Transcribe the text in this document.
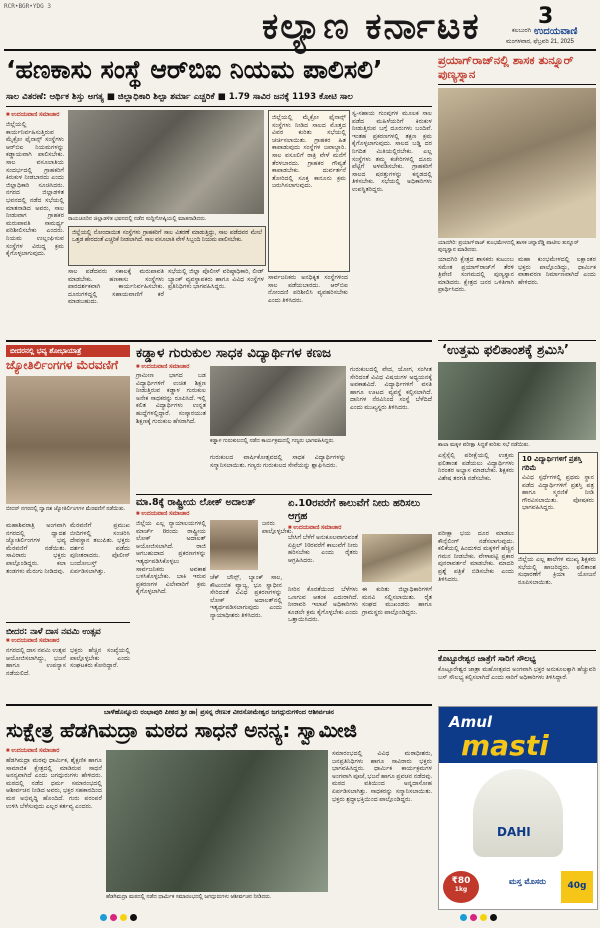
RCR•BGR•YDG 3	ಕಲ್ಯಾಣ ಕರ್ನಾಟಕ	3
ಕಲಬುರಗಿ ಉದಯವಾಣಿ
ಮಂಗಳವಾರ, ಫೆಬ್ರವರಿ 21, 2025
‘ಹಣಕಾಸು ಸಂಸ್ಥೆ ಆರ್‌ಬಿಐ ನಿಯಮ ಪಾಲಿಸಲಿ’
ಸಾಲ ವಿತರಣೆ: ಆರ್ಥಿಕ ಶಿಸ್ತು ಅಗತ್ಯ ■ ಜಿಲ್ಲಾಧಿಕಾರಿ ಶಿಲ್ಪಾ ಶರ್ಮಾ ಎಚ್ಚರಿಕೆ ■ 1.79 ಸಾವಿರ ಜನಕ್ಕೆ 1193 ಕೋಟಿ ಸಾಲ
■ ಉದಯವಾಣಿ ಸಮಾಚಾರ
ಜಿಲ್ಲೆಯಲ್ಲಿ ಕಾರ್ಯನಿರ್ವಹಿಸುತ್ತಿರುವ ಮೈಕ್ರೋ ಫೈನಾನ್ಸ್ ಸಂಸ್ಥೆಗಳು ಆರ್‌ಬಿಐ ನಿಯಮಗಳನ್ನು ಕಡ್ಡಾಯವಾಗಿ ಪಾಲಿಸಬೇಕು. ಸಾಲ ವಸೂಲಾತಿಯ ಸಂದರ್ಭದಲ್ಲಿ ಗ್ರಾಹಕರಿಗೆ ಕಿರುಕುಳ ನೀಡಬಾರದು ಎಂದು ಜಿಲ್ಲಾಧಿಕಾರಿ ಸೂಚಿಸಿದರು. ನಗರದ ಜಿಲ್ಲಾಡಳಿತ ಭವನದಲ್ಲಿ ನಡೆದ ಸಭೆಯಲ್ಲಿ ಮಾತನಾಡಿದ ಅವರು, ಸಾಲ ನೀಡುವಾಗ ಗ್ರಾಹಕರ ಮರುಪಾವತಿ ಸಾಮರ್ಥ್ಯ ಪರಿಶೀಲಿಸಬೇಕು ಎಂದರು. ನಿಯಮ ಉಲ್ಲಂಘಿಸುವ ಸಂಸ್ಥೆಗಳ ವಿರುದ್ಧ ಕ್ರಮ ಕೈಗೊಳ್ಳಲಾಗುವುದು.
ರಾಯಚೂರಿನ ಜಿಲ್ಲಾಡಳಿತ ಭವನದಲ್ಲಿ ನಡೆದ ಸುದ್ದಿಗೋಷ್ಠಿಯಲ್ಲಿ ಮಾತನಾಡಿದರು.
ಜಿಲ್ಲೆಯಲ್ಲಿ ನೋಂದಾಯಿತ ಸಂಸ್ಥೆಗಳು ಗ್ರಾಹಕರಿಗೆ ಸಾಲ ವಿತರಣೆ ಮಾಡುತ್ತಿದ್ದು, ಸಾಲ ಪಡೆದವರ ಮೇಲೆ ಒತ್ತಡ ಹೇರದಂತೆ ಎಚ್ಚರಿಕೆ ನೀಡಲಾಗಿದೆ. ಸಾಲ ವಸೂಲಾತಿ ವೇಳೆ ಸಿಬ್ಬಂದಿ ನಿಯಮ ಪಾಲಿಸಬೇಕು.
ಸಾಲ ಪಡೆದವರು ಸಕಾಲಕ್ಕೆ ಮರುಪಾವತಿ ಮಾಡಬೇಕು. ಹಣಕಾಸು ಸಂಸ್ಥೆಗಳು ಪಾರದರ್ಶಕವಾಗಿ ಕಾರ್ಯನಿರ್ವಹಿಸಬೇಕು. ದೂರುಗಳಿದ್ದಲ್ಲಿ ಸಹಾಯವಾಣಿಗೆ ಕರೆ ಮಾಡಬಹುದು.
ಸಭೆಯಲ್ಲಿ ಜಿಲ್ಲಾ ಪೊಲೀಸ್ ವರಿಷ್ಠಾಧಿಕಾರಿ, ಲೀಡ್ ಬ್ಯಾಂಕ್ ವ್ಯವಸ್ಥಾಪಕರು ಹಾಗೂ ವಿವಿಧ ಸಂಸ್ಥೆಗಳ ಪ್ರತಿನಿಧಿಗಳು ಭಾಗವಹಿಸಿದ್ದರು.
ಜಿಲ್ಲೆಯಲ್ಲಿ ಮೈಕ್ರೋ ಫೈನಾನ್ಸ್ ಸಂಸ್ಥೆಗಳು ನೀಡಿದ ಸಾಲದ ಮೊತ್ತದ ವಿವರ ಕುರಿತು ಸಭೆಯಲ್ಲಿ ಚರ್ಚಿಸಲಾಯಿತು. ಗ್ರಾಹಕರ ಹಿತ ಕಾಪಾಡುವುದು ಸಂಸ್ಥೆಗಳ ಜವಾಬ್ದಾರಿ. ಸಾಲ ವಸೂಲಿಗೆ ರಾತ್ರಿ ವೇಳೆ ಮನೆಗೆ ತೆರಳಬಾರದು. ಗ್ರಾಹಕರ ಗೌಪ್ಯತೆ ಕಾಪಾಡಬೇಕು. ದುರ್ವರ್ತನೆ ತೋರಿದಲ್ಲಿ ಸೂಕ್ತ ಕಾನೂನು ಕ್ರಮ ಜರುಗಿಸಲಾಗುವುದು.
ಸಾರ್ವಜನಿಕರು ಅನಧಿಕೃತ ಸಂಸ್ಥೆಗಳಿಂದ ಸಾಲ ಪಡೆಯಬಾರದು. ಆರ್‌ಬಿಐ ನೋಂದಣಿ ಪರಿಶೀಲಿಸಿ ವ್ಯವಹರಿಸಬೇಕು ಎಂದು ತಿಳಿಸಿದರು.
ಸ್ವ-ಸಹಾಯ ಗುಂಪುಗಳ ಮೂಲಕ ಸಾಲ ಪಡೆದ ಮಹಿಳೆಯರಿಗೆ ಕಿರುಕುಳ ನೀಡುತ್ತಿರುವ ಬಗ್ಗೆ ದೂರುಗಳು ಬಂದಿವೆ. ಇಂತಹ ಪ್ರಕರಣಗಳಲ್ಲಿ ತಕ್ಷಣ ಕ್ರಮ ಕೈಗೊಳ್ಳಲಾಗುವುದು. ಸಾಲದ ಬಡ್ಡಿ ದರ ನಿಗದಿತ ಮಿತಿಯಲ್ಲಿರಬೇಕು. ಎಲ್ಲ ಸಂಸ್ಥೆಗಳು ತಮ್ಮ ಕಚೇರಿಗಳಲ್ಲಿ ದೂರು ಪೆಟ್ಟಿಗೆ ಅಳವಡಿಸಬೇಕು. ಗ್ರಾಹಕರಿಗೆ ಸಾಲದ ಷರತ್ತುಗಳನ್ನು ಕನ್ನಡದಲ್ಲಿ ತಿಳಿಸಬೇಕು. ಸಭೆಯಲ್ಲಿ ಅಧಿಕಾರಿಗಳು ಉಪಸ್ಥಿತರಿದ್ದರು.
ಪ್ರಯಾಗ್‌ರಾಜ್‌ನಲ್ಲಿ ಶಾಸಕ ತುನ್ನೂರ್ ಪುಣ್ಯಸ್ನಾನ
ಯಾದಗಿರಿ: ಪ್ರಯಾಗ್‌ರಾಜ್ ಕುಂಭಮೇಳದಲ್ಲಿ ಶಾಸಕ ಚನ್ನಾರೆಡ್ಡಿ ಪಾಟೀಲ ತುನ್ನೂರ್ ಪುಣ್ಯಸ್ನಾನ ಮಾಡಿದರು.
ಯಾದಗಿರಿ ಕ್ಷೇತ್ರದ ಶಾಸಕರು ಕುಟುಂಬ ಸಮೇತ ಪ್ರಯಾಗ್‌ರಾಜ್‌ಗೆ ತೆರಳಿ ತ್ರಿವೇಣಿ ಸಂಗಮದಲ್ಲಿ ಪುಣ್ಯಸ್ನಾನ ಮಾಡಿದರು. ಕ್ಷೇತ್ರದ ಜನರ ಒಳಿತಿಗಾಗಿ ಪ್ರಾರ್ಥಿಸಿದರು.
ಮಹಾ ಕುಂಭಮೇಳದಲ್ಲಿ ಲಕ್ಷಾಂತರ ಭಕ್ತರು ಪಾಲ್ಗೊಂಡಿದ್ದು, ಧಾರ್ಮಿಕ ವಾತಾವರಣ ನಿರ್ಮಾಣವಾಗಿದೆ ಎಂದು ಹೇಳಿದರು.
‘ಉತ್ತಮ ಫಲಿತಾಂಶಕ್ಕೆ ಶ್ರಮಿಸಿ’
ಶಾಲಾ ಮಕ್ಕಳ ಪರೀಕ್ಷಾ ಸಿದ್ಧತೆ ಕುರಿತು ಸಭೆ ನಡೆಯಿತು.
ಎಸ್ಸೆಸ್ಸೆಲ್ಸಿ ಪರೀಕ್ಷೆಯಲ್ಲಿ ಉತ್ತಮ ಫಲಿತಾಂಶ ಪಡೆಯಲು ವಿದ್ಯಾರ್ಥಿಗಳು ನಿರಂತರ ಅಭ್ಯಾಸ ಮಾಡಬೇಕು. ಶಿಕ್ಷಕರು ವಿಶೇಷ ತರಗತಿ ನಡೆಸಬೇಕು.
10 ವಿದ್ಯಾರ್ಥಿಗಳಿಗೆ ಪ್ರಶಸ್ತಿ ಗರಿಮೆ
ವಿವಿಧ ಸ್ಪರ್ಧೆಗಳಲ್ಲಿ ಪ್ರಥಮ ಸ್ಥಾನ ಪಡೆದ ವಿದ್ಯಾರ್ಥಿಗಳಿಗೆ ಪ್ರಶಸ್ತಿ ಪತ್ರ ಹಾಗೂ ಸ್ಮರಣಿಕೆ ನೀಡಿ ಗೌರವಿಸಲಾಯಿತು. ಪೋಷಕರು ಭಾಗವಹಿಸಿದ್ದರು.
ಪರೀಕ್ಷಾ ಭಯ ದೂರ ಮಾಡಲು ಕೌನ್ಸೆಲಿಂಗ್ ನಡೆಸಲಾಗುವುದು. ಕಲಿಕೆಯಲ್ಲಿ ಹಿಂದುಳಿದ ಮಕ್ಕಳಿಗೆ ಹೆಚ್ಚಿನ ಗಮನ ನೀಡಬೇಕು. ವೇಳಾಪಟ್ಟಿ ಪ್ರಕಾರ ಪುನರಾವರ್ತನೆ ಮಾಡಬೇಕು. ಮಾದರಿ ಪ್ರಶ್ನೆ ಪತ್ರಿಕೆ ಬಿಡಿಸಬೇಕು ಎಂದು ತಿಳಿಸಿದರು.
ಜಿಲ್ಲೆಯ ಎಲ್ಲ ಶಾಲೆಗಳ ಮುಖ್ಯ ಶಿಕ್ಷಕರು ಸಭೆಯಲ್ಲಿ ಹಾಜರಿದ್ದರು. ಫಲಿತಾಂಶ ಸುಧಾರಣೆಗೆ ಕ್ರಿಯಾ ಯೋಜನೆ ರೂಪಿಸಲಾಯಿತು.
ಕೊಟ್ಟೂರೇಶ್ವರ ಜಾತ್ರೆಗೆ ಸಾರಿಗೆ ಸೌಲಭ್ಯ
ಕೊಟ್ಟೂರೇಶ್ವರ ಜಾತ್ರಾ ಮಹೋತ್ಸವದ ಅಂಗವಾಗಿ ಭಕ್ತರ ಅನುಕೂಲಕ್ಕಾಗಿ ಹೆಚ್ಚುವರಿ ಬಸ್ ಸೌಲಭ್ಯ ಕಲ್ಪಿಸಲಾಗಿದೆ ಎಂದು ಸಾರಿಗೆ ಅಧಿಕಾರಿಗಳು ತಿಳಿಸಿದ್ದಾರೆ.
ಬೀದರನಲ್ಲಿ ಭವ್ಯ ಶೋಭಾಯಾತ್ರೆ
ಜ್ಯೋತಿರ್ಲಿಂಗಗಳ ಮೆರವಣಿಗೆ
ಬೀದರ್ ನಗರದಲ್ಲಿ ದ್ವಾದಶ ಜ್ಯೋತಿರ್ಲಿಂಗಗಳ ಮೆರವಣಿಗೆ ನಡೆಯಿತು.
ಮಹಾಶಿವರಾತ್ರಿ ಅಂಗವಾಗಿ ನಗರದಲ್ಲಿ ದ್ವಾದಶ ಜ್ಯೋತಿರ್ಲಿಂಗಗಳ ಭವ್ಯ ಮೆರವಣಿಗೆ ನಡೆಯಿತು. ಸಾವಿರಾರು ಭಕ್ತರು ಪಾಲ್ಗೊಂಡಿದ್ದರು. ಕಲಾ ತಂಡಗಳು ಮೆರುಗು ನೀಡಿದವು.
ಮೆರವಣಿಗೆ ಪ್ರಮುಖ ಬೀದಿಗಳಲ್ಲಿ ಸಂಚರಿಸಿ ದೇವಸ್ಥಾನ ತಲುಪಿತು. ಭಕ್ತರು ದರ್ಶನ ಪಡೆದು ಪುನೀತರಾದರು. ಪೊಲೀಸ್ ಬಂದೋಬಸ್ತ್ ಏರ್ಪಡಿಸಲಾಗಿತ್ತು.
ಕಡ್ಡಾಳ ಗುರುಕುಲ ಸಾಧಕ ವಿದ್ಯಾರ್ಥಿಗಳ ಕಣಜ
■ ಉದಯವಾಣಿ ಸಮಾಚಾರ
ಗ್ರಾಮೀಣ ಭಾಗದ ಬಡ ವಿದ್ಯಾರ್ಥಿಗಳಿಗೆ ಉಚಿತ ಶಿಕ್ಷಣ ನೀಡುತ್ತಿರುವ ಕಡ್ಡಾಳ ಗುರುಕುಲ ಅನೇಕ ಸಾಧಕರನ್ನು ರೂಪಿಸಿದೆ. ಇಲ್ಲಿ ಕಲಿತ ವಿದ್ಯಾರ್ಥಿಗಳು ಉನ್ನತ ಹುದ್ದೆಗಳಲ್ಲಿದ್ದಾರೆ. ಸಂಸ್ಕಾರಯುತ ಶಿಕ್ಷಣಕ್ಕೆ ಗುರುಕುಲ ಹೆಸರಾಗಿದೆ.
ಕಡ್ಡಾಳ ಗುರುಕುಲದಲ್ಲಿ ನಡೆದ ಕಾರ್ಯಕ್ರಮದಲ್ಲಿ ಗಣ್ಯರು ಭಾಗವಹಿಸಿದ್ದರು.
ಗುರುಕುಲದ ವಾರ್ಷಿಕೋತ್ಸವದಲ್ಲಿ ಸಾಧಕ ವಿದ್ಯಾರ್ಥಿಗಳನ್ನು ಸನ್ಮಾನಿಸಲಾಯಿತು. ಗಣ್ಯರು ಗುರುಕುಲದ ಸೇವೆಯನ್ನು ಶ್ಲಾಘಿಸಿದರು.
ಗುರುಕುಲದಲ್ಲಿ ವೇದ, ಯೋಗ, ಸಂಗೀತ ಸೇರಿದಂತೆ ವಿವಿಧ ವಿಷಯಗಳ ಅಧ್ಯಯನಕ್ಕೆ ಅವಕಾಶವಿದೆ. ವಿದ್ಯಾರ್ಥಿಗಳಿಗೆ ವಸತಿ ಹಾಗೂ ಊಟದ ವ್ಯವಸ್ಥೆ ಕಲ್ಪಿಸಲಾಗಿದೆ. ದಾನಿಗಳ ನೆರವಿನಿಂದ ಸಂಸ್ಥೆ ಬೆಳೆದಿದೆ ಎಂದು ಮುಖ್ಯಸ್ಥರು ತಿಳಿಸಿದರು.
ಮಾ.8ಕ್ಕೆ ರಾಷ್ಟ್ರೀಯ ಲೋಕ್ ಅದಾಲತ್
■ ಉದಯವಾಣಿ ಸಮಾಚಾರ
ಜಿಲ್ಲೆಯ ಎಲ್ಲ ನ್ಯಾಯಾಲಯಗಳಲ್ಲಿ ಮಾರ್ಚ್ 8ರಂದು ರಾಷ್ಟ್ರೀಯ ಲೋಕ್ ಅದಾಲತ್ ಆಯೋಜಿಸಲಾಗಿದೆ. ರಾಜಿ ಆಗಬಹುದಾದ ಪ್ರಕರಣಗಳನ್ನು ಇತ್ಯರ್ಥಪಡಿಸಿಕೊಳ್ಳಲು ಸಾರ್ವಜನಿಕರು ಅವಕಾಶ ಬಳಸಿಕೊಳ್ಳಬೇಕು. ಬಾಕಿ ಇರುವ ಪ್ರಕರಣಗಳ ವಿಲೇವಾರಿಗೆ ಕ್ರಮ ಕೈಗೊಳ್ಳಲಾಗಿದೆ.
ಜನರು ಪಾಲ್ಗೊಳ್ಳಬೇಕು.
ಚೆಕ್ ಬೌನ್ಸ್, ಬ್ಯಾಂಕ್ ಸಾಲ, ಕೌಟುಂಬಿಕ ವ್ಯಾಜ್ಯ, ಭೂ ಸ್ವಾಧೀನ ಸೇರಿದಂತೆ ವಿವಿಧ ಪ್ರಕರಣಗಳನ್ನು ಲೋಕ್ ಅದಾಲತ್‌ನಲ್ಲಿ ಇತ್ಯರ್ಥಪಡಿಸಲಾಗುವುದು ಎಂದು ನ್ಯಾಯಾಧೀಶರು ತಿಳಿಸಿದರು.
ಏ.10ರವರೆಗೆ ಕಾಲುವೆಗೆ ನೀರು ಹರಿಸಲು ಆಗ್ರಹ
■ ಉದಯವಾಣಿ ಸಮಾಚಾರ
ಬೇಸಿಗೆ ಬೆಳೆಗೆ ಅನುಕೂಲವಾಗುವಂತೆ ಏಪ್ರಿಲ್ 10ರವರೆಗೆ ಕಾಲುವೆಗೆ ನೀರು ಹರಿಸಬೇಕು ಎಂದು ರೈತರು ಆಗ್ರಹಿಸಿದರು.
ನೀರಿನ ಕೊರತೆಯಿಂದ ಬೆಳೆಗಳು ಒಣಗುವ ಆತಂಕ ಎದುರಾಗಿದೆ. ನೀರಾವರಿ ಇಲಾಖೆ ಅಧಿಕಾರಿಗಳು ಕೂಡಲೇ ಕ್ರಮ ಕೈಗೊಳ್ಳಬೇಕು ಎಂದು ಒತ್ತಾಯಿಸಿದರು.
ಈ ಕುರಿತು ಜಿಲ್ಲಾಧಿಕಾರಿಗಳಿಗೆ ಮನವಿ ಸಲ್ಲಿಸಲಾಯಿತು. ರೈತ ಸಂಘದ ಮುಖಂಡರು ಹಾಗೂ ಗ್ರಾಮಸ್ಥರು ಪಾಲ್ಗೊಂಡಿದ್ದರು.
ಬೀದರ: ನಾಳೆ ದಾಸ ನವಮಿ ಉತ್ಸವ
■ ಉದಯವಾಣಿ ಸಮಾಚಾರ
ನಗರದಲ್ಲಿ ದಾಸ ನವಮಿ ಉತ್ಸವ ಆಯೋಜಿಸಲಾಗಿದ್ದು, ಭಜನೆ ಹಾಗೂ ಉಪನ್ಯಾಸ ನಡೆಯಲಿದೆ.
ಭಕ್ತರು ಹೆಚ್ಚಿನ ಸಂಖ್ಯೆಯಲ್ಲಿ ಪಾಲ್ಗೊಳ್ಳಬೇಕು ಎಂದು ಸಂಘಟಕರು ಕೋರಿದ್ದಾರೆ.
ಬಾಳೆಹೊನ್ನೂರು ರಂಭಾಪುರಿ ಪೀಠದ ಶ್ರೀ ಡಾ| ಪ್ರಸನ್ನ ರೇಣುಕ ವೀರಸೋಮೇಶ್ವರ ಜಗದ್ಗುರುಗಳಿಂದ ಆಶೀರ್ವಚನ
ಸುಕ್ಷೇತ್ರ ಹೆಡಗಿಮದ್ರಾ ಮಠದ ಸಾಧನೆ ಅನನ್ಯ: ಸ್ವಾಮೀಜಿ
■ ಉದಯವಾಣಿ ಸಮಾಚಾರ
ಹೆಡಗಿಮದ್ರಾ ಮಠವು ಧಾರ್ಮಿಕ, ಶೈಕ್ಷಣಿಕ ಹಾಗೂ ಸಾಮಾಜಿಕ ಕ್ಷೇತ್ರದಲ್ಲಿ ಮಾಡಿರುವ ಸಾಧನೆ ಅನನ್ಯವಾಗಿದೆ ಎಂದು ಜಗದ್ಗುರುಗಳು ಹೇಳಿದರು. ಮಠದಲ್ಲಿ ನಡೆದ ಧರ್ಮ ಸಮಾರಂಭದಲ್ಲಿ ಆಶೀರ್ವಚನ ನೀಡಿದ ಅವರು, ಭಕ್ತರ ಸಹಕಾರದಿಂದ ಮಠ ಅಭಿವೃದ್ಧಿ ಹೊಂದಿದೆ. ಗುರು ಪರಂಪರೆ ಉಳಿಸಿ ಬೆಳೆಸುವುದು ಎಲ್ಲರ ಕರ್ತವ್ಯ ಎಂದರು.
ಹೆಡಗಿಮದ್ರಾ ಮಠದಲ್ಲಿ ನಡೆದ ಧಾರ್ಮಿಕ ಸಮಾರಂಭದಲ್ಲಿ ಜಗದ್ಗುರುಗಳು ಆಶೀರ್ವಚನ ನೀಡಿದರು.
ಸಮಾರಂಭದಲ್ಲಿ ವಿವಿಧ ಮಠಾಧೀಶರು, ಜನಪ್ರತಿನಿಧಿಗಳು ಹಾಗೂ ಸಾವಿರಾರು ಭಕ್ತರು ಭಾಗವಹಿಸಿದ್ದರು. ಧಾರ್ಮಿಕ ಕಾರ್ಯಕ್ರಮಗಳ ಅಂಗವಾಗಿ ಪೂಜೆ, ಭಜನೆ ಹಾಗೂ ಪ್ರವಚನ ನಡೆದವು. ಮಠದ ವತಿಯಿಂದ ಅನ್ನದಾಸೋಹ ಏರ್ಪಡಿಸಲಾಗಿತ್ತು. ಸಾಧಕರನ್ನು ಸನ್ಮಾನಿಸಲಾಯಿತು. ಭಕ್ತರು ಶ್ರದ್ಧಾಭಕ್ತಿಯಿಂದ ಪಾಲ್ಗೊಂಡಿದ್ದರು.
Amul
masti
DAHI
₹80
1kg
ಮಸ್ತ ಮೊಸರು	40g
